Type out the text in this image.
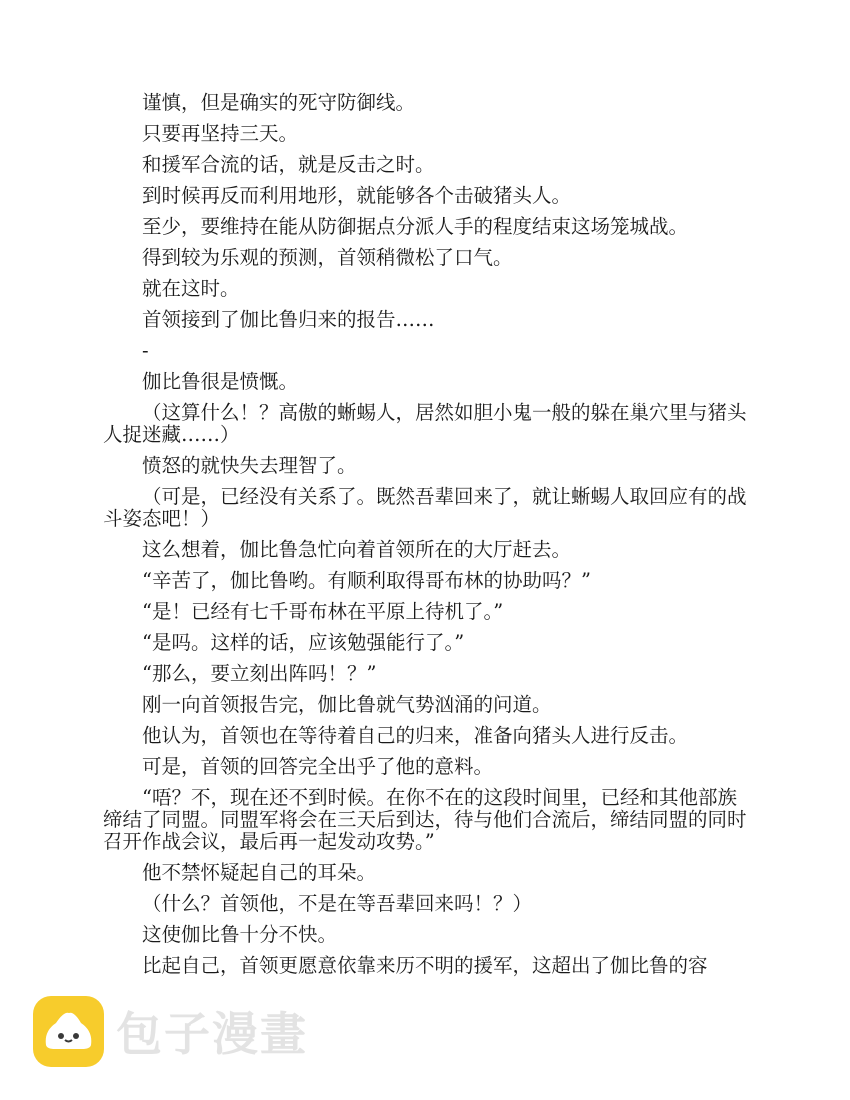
谨慎，但是确实的死守防御线。

只要再坚持三天。

和援军合流的话，就是反击之时。

到时候再反而利用地形，就能够各个击破猪头人。

至少，要维持在能从防御据点分派人手的程度结束这场笼城战。

得到较为乐观的预测，首领稍微松了口气。

就在这时。

首领接到了伽比鲁归来的报告……

-

伽比鲁很是愤慨。

（这算什么！？高傲的蜥蜴人，居然如胆小鬼一般的躲在巢穴里与猪头人捉迷藏……）

愤怒的就快失去理智了。

（可是，已经没有关系了。既然吾辈回来了，就让蜥蜴人取回应有的战斗姿态吧！）

这么想着，伽比鲁急忙向着首领所在的大厅赶去。

“辛苦了，伽比鲁哟。有顺利取得哥布林的协助吗？”

“是！已经有七千哥布林在平原上待机了。”

“是吗。这样的话，应该勉强能行了。”

“那么，要立刻出阵吗！？”

刚一向首领报告完，伽比鲁就气势汹涌的问道。

他认为，首领也在等待着自己的归来，准备向猪头人进行反击。

可是，首领的回答完全出乎了他的意料。

“唔？不，现在还不到时候。在你不在的这段时间里，已经和其他部族缔结了同盟。同盟军将会在三天后到达，待与他们合流后，缔结同盟的同时召开作战会议，最后再一起发动攻势。”

他不禁怀疑起自己的耳朵。

（什么？首领他，不是在等吾辈回来吗！？）

这使伽比鲁十分不快。

比起自己，首领更愿意依靠来历不明的援军，这超出了伽比鲁的容

包子漫畫
